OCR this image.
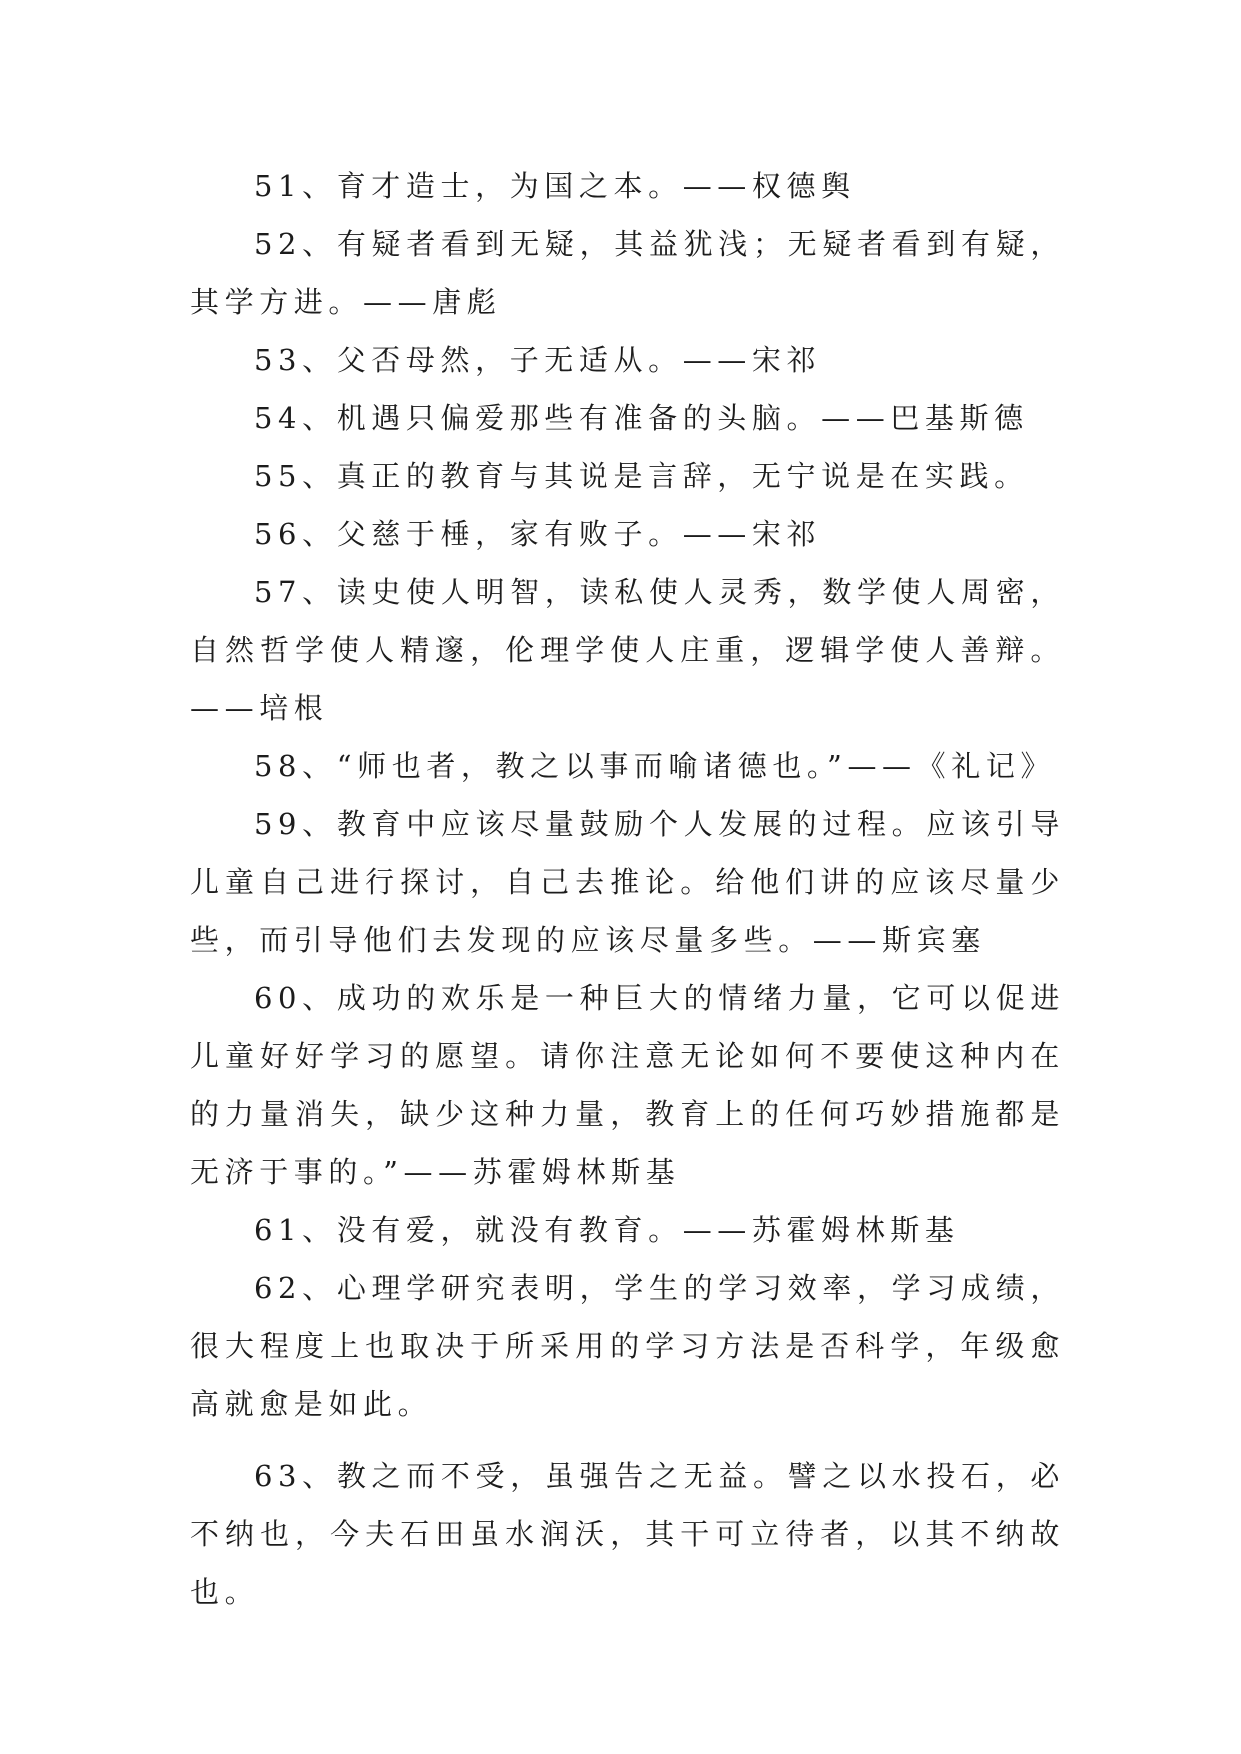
51、育才造士，为国之本。——权德舆

52、有疑者看到无疑，其益犹浅；无疑者看到有疑，其学方进。——唐彪

53、父否母然，子无适从。——宋祁

54、机遇只偏爱那些有准备的头脑。——巴基斯德

55、真正的教育与其说是言辞，无宁说是在实践。

56、父慈于棰，家有败子。——宋祁

57、读史使人明智，读私使人灵秀，数学使人周密，自然哲学使人精邃，伦理学使人庄重，逻辑学使人善辩。——培根

58、“师也者，教之以事而喻诸德也。”——《礼记》

59、教育中应该尽量鼓励个人发展的过程。应该引导儿童自己进行探讨，自己去推论。给他们讲的应该尽量少些，而引导他们去发现的应该尽量多些。——斯宾塞

60、成功的欢乐是一种巨大的情绪力量，它可以促进儿童好好学习的愿望。请你注意无论如何不要使这种内在的力量消失，缺少这种力量，教育上的任何巧妙措施都是无济于事的。”——苏霍姆林斯基

61、没有爱，就没有教育。——苏霍姆林斯基

62、心理学研究表明，学生的学习效率，学习成绩，很大程度上也取决于所采用的学习方法是否科学，年级愈高就愈是如此。

63、教之而不受，虽强告之无益。譬之以水投石，必不纳也，今夫石田虽水润沃，其干可立待者，以其不纳故也。
